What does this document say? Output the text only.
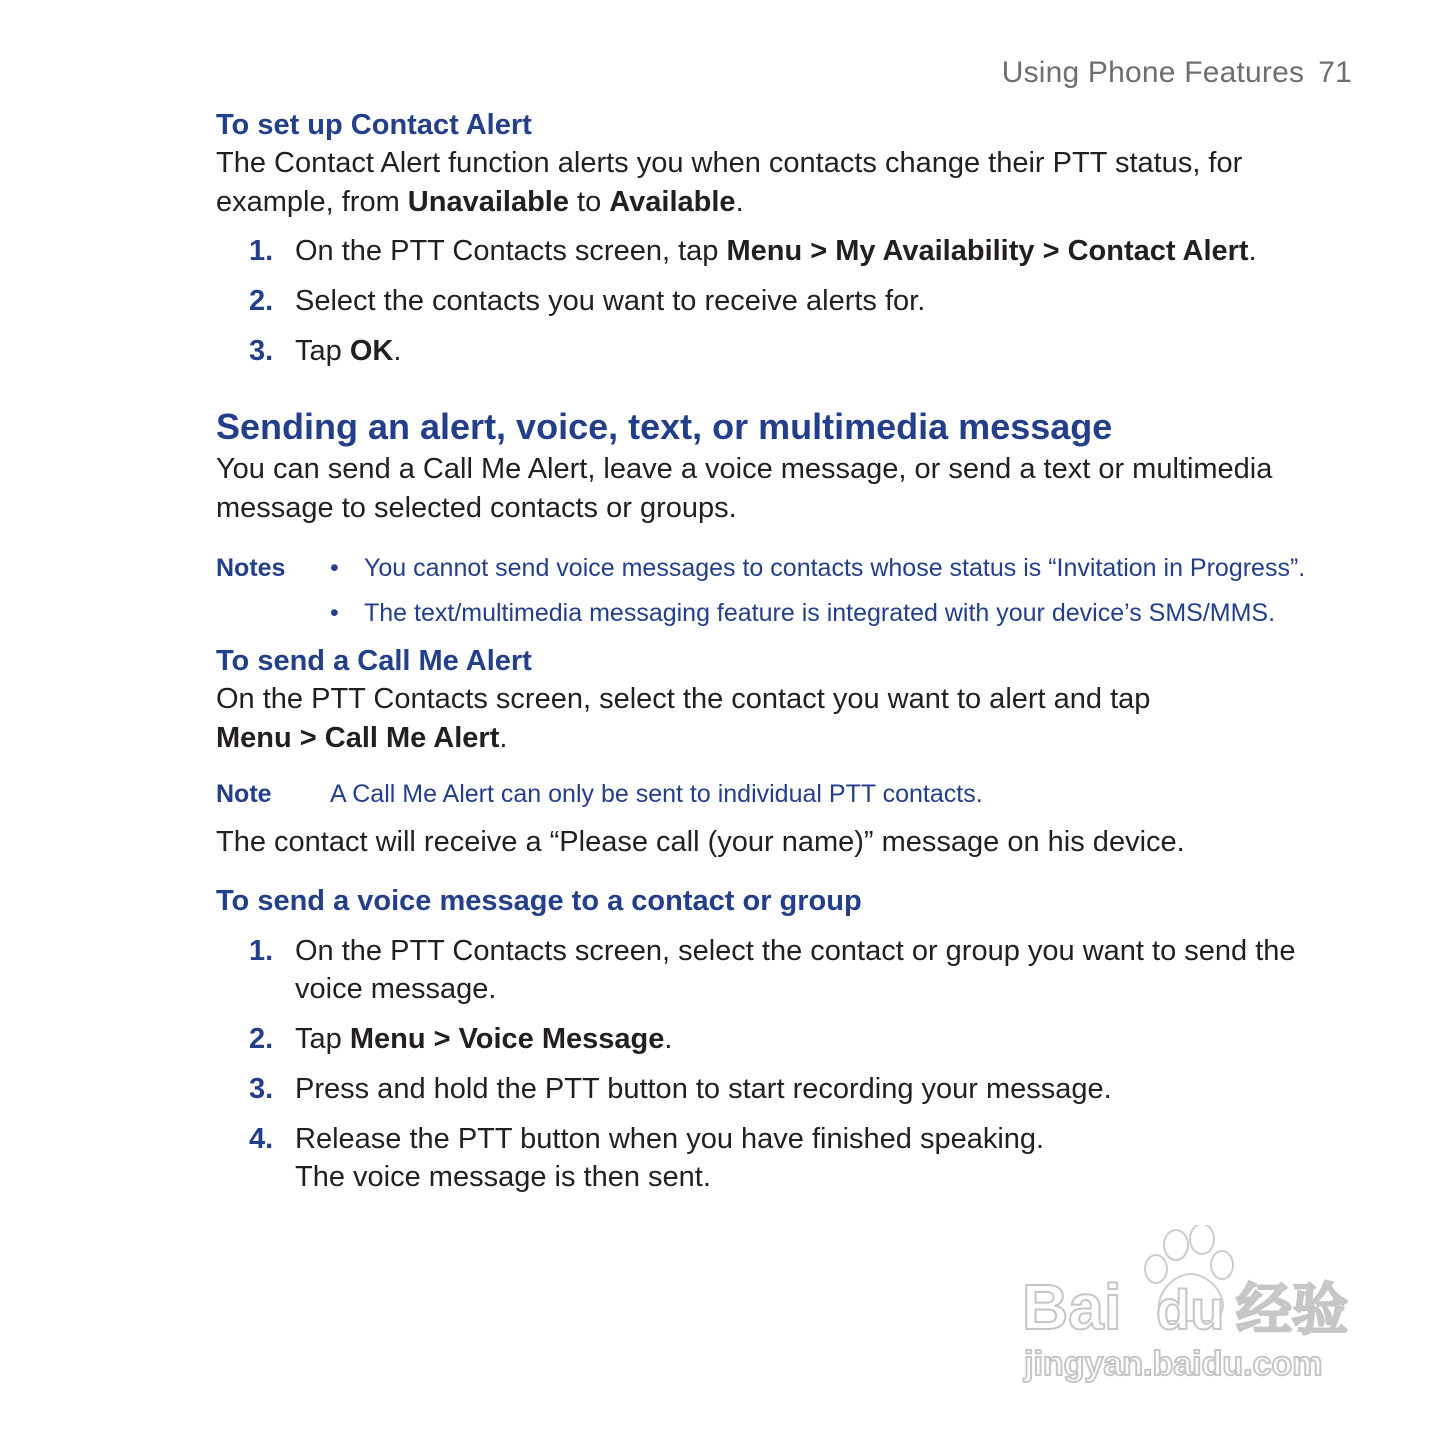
Using Phone Features 71
To set up Contact Alert

The Contact Alert function alerts you when contacts change their PTT status, for example, from Unavailable to Available.

1. On the PTT Contacts screen, tap Menu > My Availability > Contact Alert.
2. Select the contacts you want to receive alerts for.
3. Tap OK.
Sending an alert, voice, text, or multimedia message

You can send a Call Me Alert, leave a voice message, or send a text or multimedia message to selected contacts or groups.

Notes	•	You cannot send voice messages to contacts whose status is “Invitation in Progress”.
•	The text/multimedia messaging feature is integrated with your device’s SMS/MMS.
To send a Call Me Alert

On the PTT Contacts screen, select the contact you want to alert and tap
Menu > Call Me Alert.

Note	A Call Me Alert can only be sent to individual PTT contacts.

The contact will receive a “Please call (your name)” message on his device.

To send a voice message to a contact or group
1. On the PTT Contacts screen, select the contact or group you want to send the voice message.
2. Tap Menu > Voice Message.
3. Press and hold the PTT button to start recording your message.
4. Release the PTT button when you have finished speaking.
The voice message is then sent.
Bai du 经验
jingyan.baidu.com
